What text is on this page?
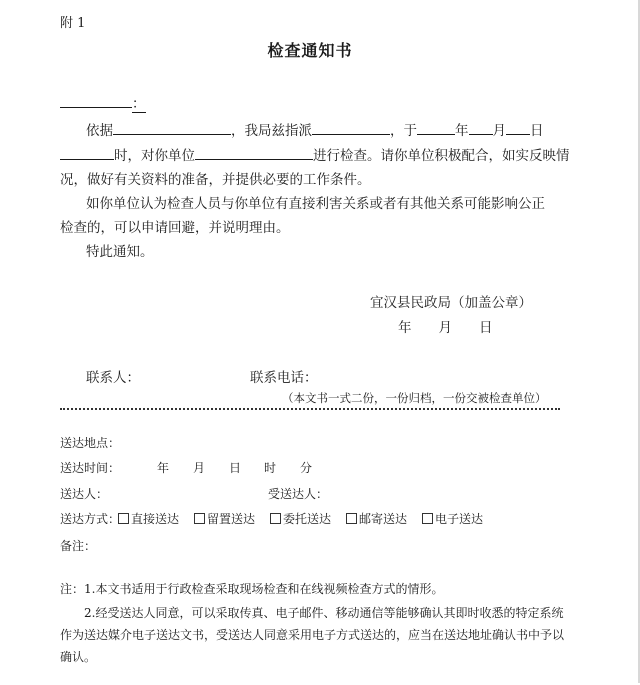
附 1
检查通知书
：
依据	，我局兹指派	，于	年 月 日
时，对你单位	进行检查。请你单位积极配合，如实反映情
况，做好有关资料的准备，并提供必要的工作条件。
如你单位认为检查人员与你单位有直接利害关系或者有其他关系可能影响公正
检查的，可以申请回避，并说明理由。
特此通知。
宜汉县民政局（加盖公章）
年　　月　　日
联系人：	联系电话：
（本文书一式二份，一份归档，一份交被检查单位）
送达地点：
送达时间：	年 月 日 时 分
送达人：	受送达人：
送达方式： 直接送达	留置送达	委托送达	邮寄送达	电子送达
备注：
注：1.本文书适用于行政检查采取现场检查和在线视频检查方式的情形。
2.经受送达人同意，可以采取传真、电子邮件、移动通信等能够确认其即时收悉的特定系统
作为送达媒介电子送达文书，受送达人同意采用电子方式送达的，应当在送达地址确认书中予以
确认。
